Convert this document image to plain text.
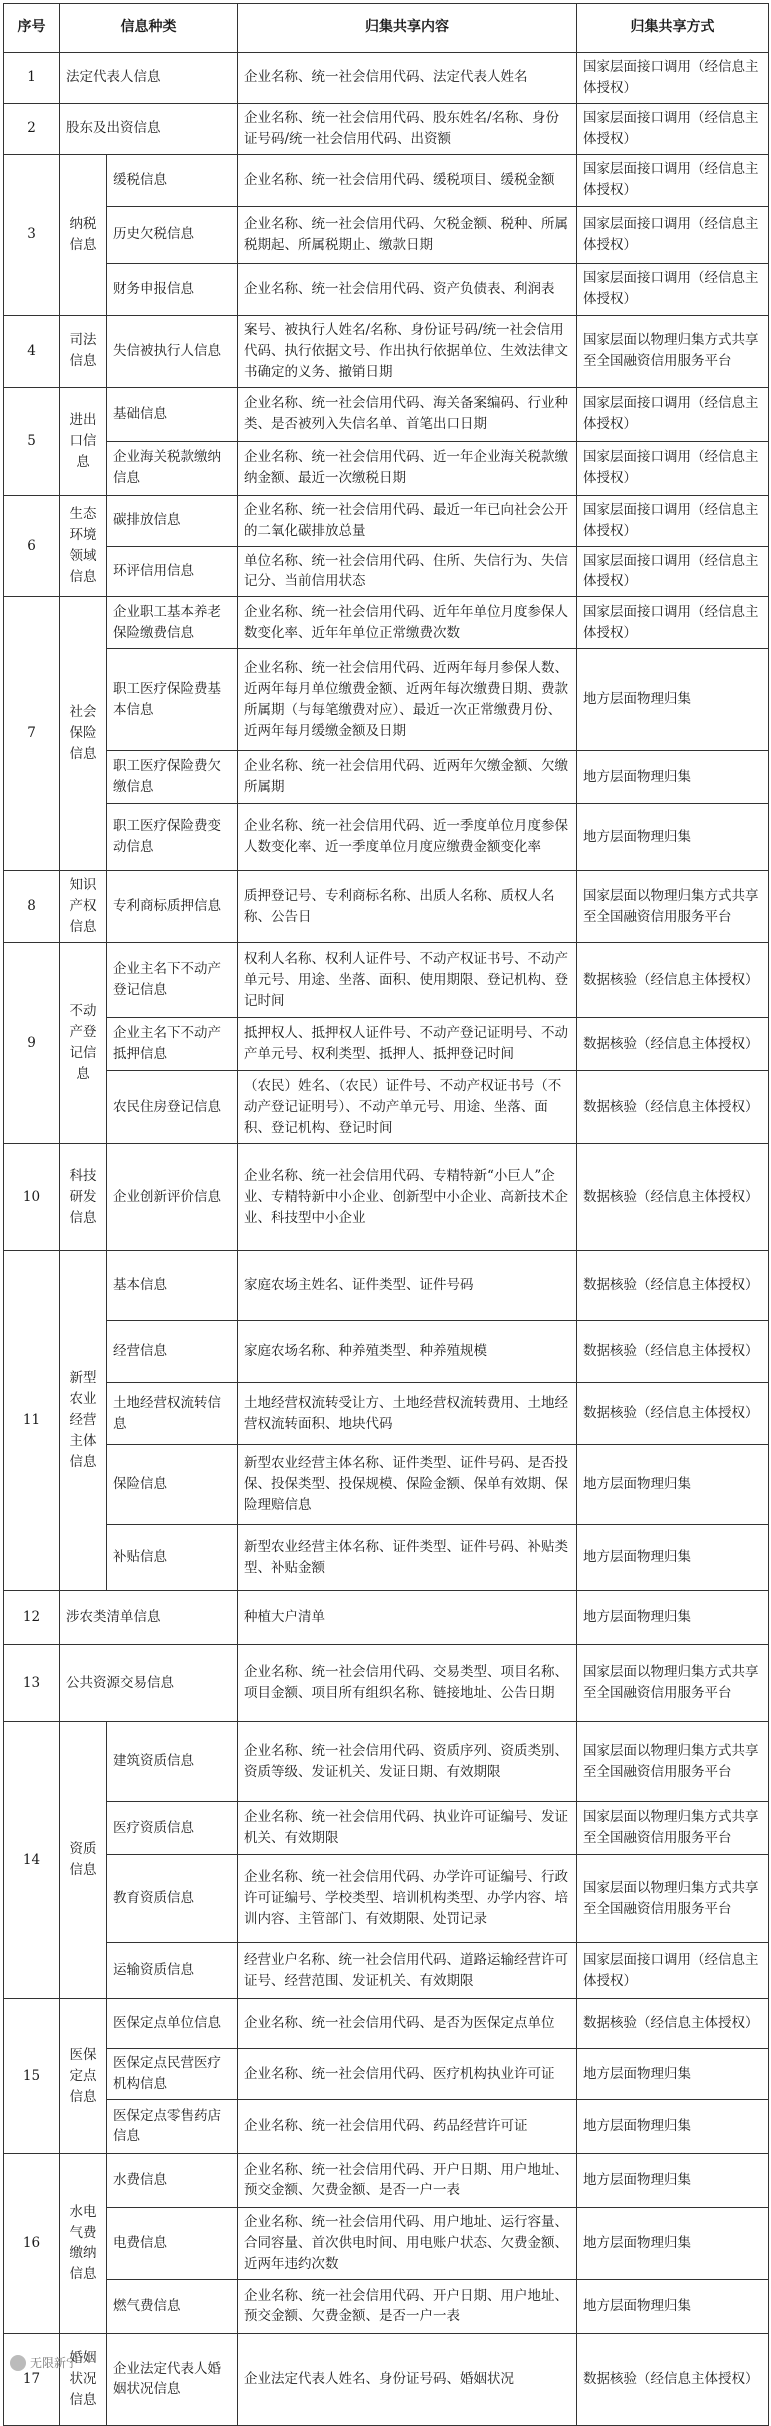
序号	信息种类		归集共享内容	归集共享方式
1	法定代表人信息		企业名称、统一社会信用代码、法定代表人姓名	国家层面接口调用（经信息主体授权）
2	股东及出资信息		企业名称、统一社会信用代码、股东姓名/名称、身份证号码/统一社会信用代码、出资额	国家层面接口调用（经信息主体授权）
3	纳税信息	缓税信息	企业名称、统一社会信用代码、缓税项目、缓税金额	国家层面接口调用（经信息主体授权）
		历史欠税信息	企业名称、统一社会信用代码、欠税金额、税种、所属税期起、所属税期止、缴款日期	国家层面接口调用（经信息主体授权）
		财务申报信息	企业名称、统一社会信用代码、资产负债表、利润表	国家层面接口调用（经信息主体授权）
4	司法信息	失信被执行人信息	案号、被执行人姓名/名称、身份证号码/统一社会信用代码、执行依据文号、作出执行依据单位、生效法律文书确定的义务、撤销日期	国家层面以物理归集方式共享至全国融资信用服务平台
5	进出口信息	基础信息	企业名称、统一社会信用代码、海关备案编码、行业种类、是否被列入失信名单、首笔出口日期	国家层面接口调用（经信息主体授权）
		企业海关税款缴纳信息	企业名称、统一社会信用代码、近一年企业海关税款缴纳金额、最近一次缴税日期	国家层面接口调用（经信息主体授权）
6	生态环境领域信息	碳排放信息	企业名称、统一社会信用代码、最近一年已向社会公开的二氧化碳排放总量	国家层面接口调用（经信息主体授权）
		环评信用信息	单位名称、统一社会信用代码、住所、失信行为、失信记分、当前信用状态	国家层面接口调用（经信息主体授权）
7	社会保险信息	企业职工基本养老保险缴费信息	企业名称、统一社会信用代码、近年年单位月度参保人数变化率、近年年单位正常缴费次数	国家层面接口调用（经信息主体授权）
		职工医疗保险费基本信息	企业名称、统一社会信用代码、近两年每月参保人数、近两年每月单位缴费金额、近两年每次缴费日期、费款所属期（与每笔缴费对应）、最近一次正常缴费月份、近两年每月缓缴金额及日期	地方层面物理归集
		职工医疗保险费欠缴信息	企业名称、统一社会信用代码、近两年欠缴金额、欠缴所属期	地方层面物理归集
		职工医疗保险费变动信息	企业名称、统一社会信用代码、近一季度单位月度参保人数变化率、近一季度单位月度应缴费金额变化率	地方层面物理归集
8	知识产权信息	专利商标质押信息	质押登记号、专利商标名称、出质人名称、质权人名称、公告日	国家层面以物理归集方式共享至全国融资信用服务平台
9	不动产登记信息	企业主名下不动产登记信息	权利人名称、权利人证件号、不动产权证书号、不动产单元号、用途、坐落、面积、使用期限、登记机构、登记时间	数据核验（经信息主体授权）
		企业主名下不动产抵押信息	抵押权人、抵押权人证件号、不动产登记证明号、不动产单元号、权利类型、抵押人、抵押登记时间	数据核验（经信息主体授权）
		农民住房登记信息	（农民）姓名、（农民）证件号、不动产权证书号（不动产登记证明号）、不动产单元号、用途、坐落、面积、登记机构、登记时间	数据核验（经信息主体授权）
10	科技研发信息	企业创新评价信息	企业名称、统一社会信用代码、专精特新“小巨人”企业、专精特新中小企业、创新型中小企业、高新技术企业、科技型中小企业	数据核验（经信息主体授权）
11	新型农业经营主体信息	基本信息	家庭农场主姓名、证件类型、证件号码	数据核验（经信息主体授权）
		经营信息	家庭农场名称、种养殖类型、种养殖规模	数据核验（经信息主体授权）
		土地经营权流转信息	土地经营权流转受让方、土地经营权流转费用、土地经营权流转面积、地块代码	数据核验（经信息主体授权）
		保险信息	新型农业经营主体名称、证件类型、证件号码、是否投保、投保类型、投保规模、保险金额、保单有效期、保险理赔信息	地方层面物理归集
		补贴信息	新型农业经营主体名称、证件类型、证件号码、补贴类型、补贴金额	地方层面物理归集
12	涉农类清单信息		种植大户清单	地方层面物理归集
13	公共资源交易信息		企业名称、统一社会信用代码、交易类型、项目名称、项目金额、项目所有组织名称、链接地址、公告日期	国家层面以物理归集方式共享至全国融资信用服务平台
14	资质信息	建筑资质信息	企业名称、统一社会信用代码、资质序列、资质类别、资质等级、发证机关、发证日期、有效期限	国家层面以物理归集方式共享至全国融资信用服务平台
		医疗资质信息	企业名称、统一社会信用代码、执业许可证编号、发证机关、有效期限	国家层面以物理归集方式共享至全国融资信用服务平台
		教育资质信息	企业名称、统一社会信用代码、办学许可证编号、行政许可证编号、学校类型、培训机构类型、办学内容、培训内容、主管部门、有效期限、处罚记录	国家层面以物理归集方式共享至全国融资信用服务平台
		运输资质信息	经营业户名称、统一社会信用代码、道路运输经营许可证号、经营范围、发证机关、有效期限	国家层面接口调用（经信息主体授权）
15	医保定点信息	医保定点单位信息	企业名称、统一社会信用代码、是否为医保定点单位	数据核验（经信息主体授权）
		医保定点民营医疗机构信息	企业名称、统一社会信用代码、医疗机构执业许可证	地方层面物理归集
		医保定点零售药店信息	企业名称、统一社会信用代码、药品经营许可证	地方层面物理归集
16	水电气费缴纳信息	水费信息	企业名称、统一社会信用代码、开户日期、用户地址、预交金额、欠费金额、是否一户一表	地方层面物理归集
		电费信息	企业名称、统一社会信用代码、用户地址、运行容量、合同容量、首次供电时间、用电账户状态、欠费金额、近两年违约次数	地方层面物理归集
		燃气费信息	企业名称、统一社会信用代码、开户日期、用户地址、预交金额、欠费金额、是否一户一表	地方层面物理归集
17	婚姻状况信息	企业法定代表人婚姻状况信息	企业法定代表人姓名、身份证号码、婚姻状况	数据核验（经信息主体授权）
无限新宁
